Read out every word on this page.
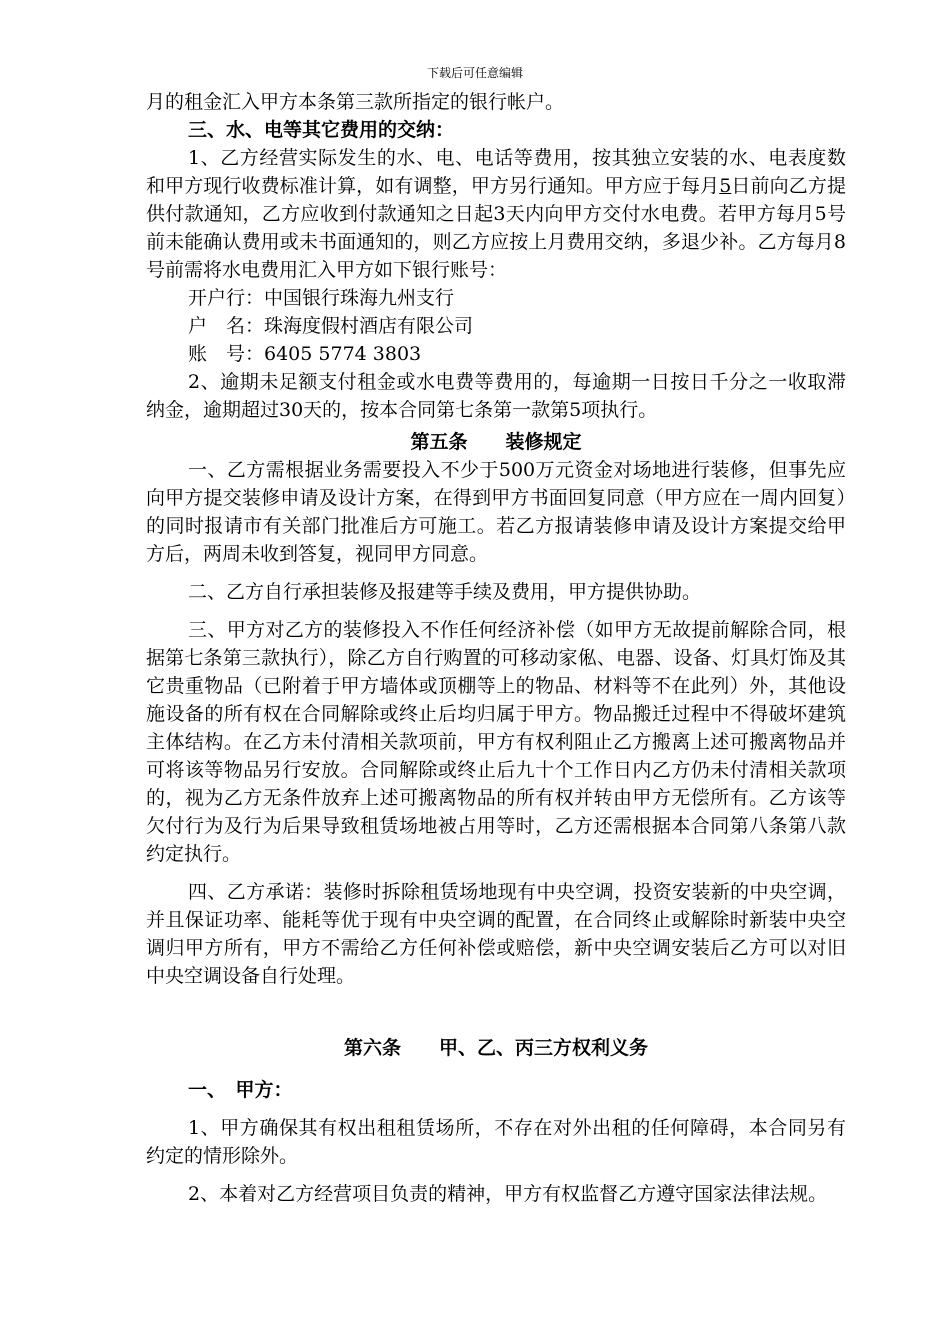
下载后可任意编辑

月的租金汇入甲方本条第三款所指定的银行帐户。

三、水、电等其它费用的交纳：

1、乙方经营实际发生的水、电、电话等费用，按其独立安装的水、电表度数和甲方现行收费标准计算，如有调整，甲方另行通知。甲方应于每月5日前向乙方提供付款通知，乙方应收到付款通知之日起3天内向甲方交付水电费。若甲方每月5号前未能确认费用或未书面通知的，则乙方应按上月费用交纳，多退少补。乙方每月8号前需将水电费用汇入甲方如下银行账号：

开户行：中国银行珠海九州支行

户　名：珠海度假村酒店有限公司

账　号：6405 5774 3803

2、逾期未足额支付租金或水电费等费用的，每逾期一日按日千分之一收取滞纳金，逾期超过30天的，按本合同第七条第一款第5项执行。

第五条　　装修规定

一、乙方需根据业务需要投入不少于500万元资金对场地进行装修，但事先应向甲方提交装修申请及设计方案，在得到甲方书面回复同意（甲方应在一周内回复）的同时报请市有关部门批准后方可施工。若乙方报请装修申请及设计方案提交给甲方后，两周未收到答复，视同甲方同意。

二、乙方自行承担装修及报建等手续及费用，甲方提供协助。

三、甲方对乙方的装修投入不作任何经济补偿（如甲方无故提前解除合同，根据第七条第三款执行），除乙方自行购置的可移动家俬、电器、设备、灯具灯饰及其它贵重物品（已附着于甲方墙体或顶棚等上的物品、材料等不在此列）外，其他设施设备的所有权在合同解除或终止后均归属于甲方。物品搬迁过程中不得破坏建筑主体结构。在乙方未付清相关款项前，甲方有权利阻止乙方搬离上述可搬离物品并可将该等物品另行安放。合同解除或终止后九十个工作日内乙方仍未付清相关款项的，视为乙方无条件放弃上述可搬离物品的所有权并转由甲方无偿所有。乙方该等欠付行为及行为后果导致租赁场地被占用等时，乙方还需根据本合同第八条第八款约定执行。

四、乙方承诺：装修时拆除租赁场地现有中央空调，投资安装新的中央空调，并且保证功率、能耗等优于现有中央空调的配置，在合同终止或解除时新装中央空调归甲方所有，甲方不需给乙方任何补偿或赔偿，新中央空调安装后乙方可以对旧中央空调设备自行处理。

第六条　　甲、乙、丙三方权利义务

一、　甲方：

1、甲方确保其有权出租租赁场所，不存在对外出租的任何障碍，本合同另有约定的情形除外。

2、本着对乙方经营项目负责的精神，甲方有权监督乙方遵守国家法律法规。
